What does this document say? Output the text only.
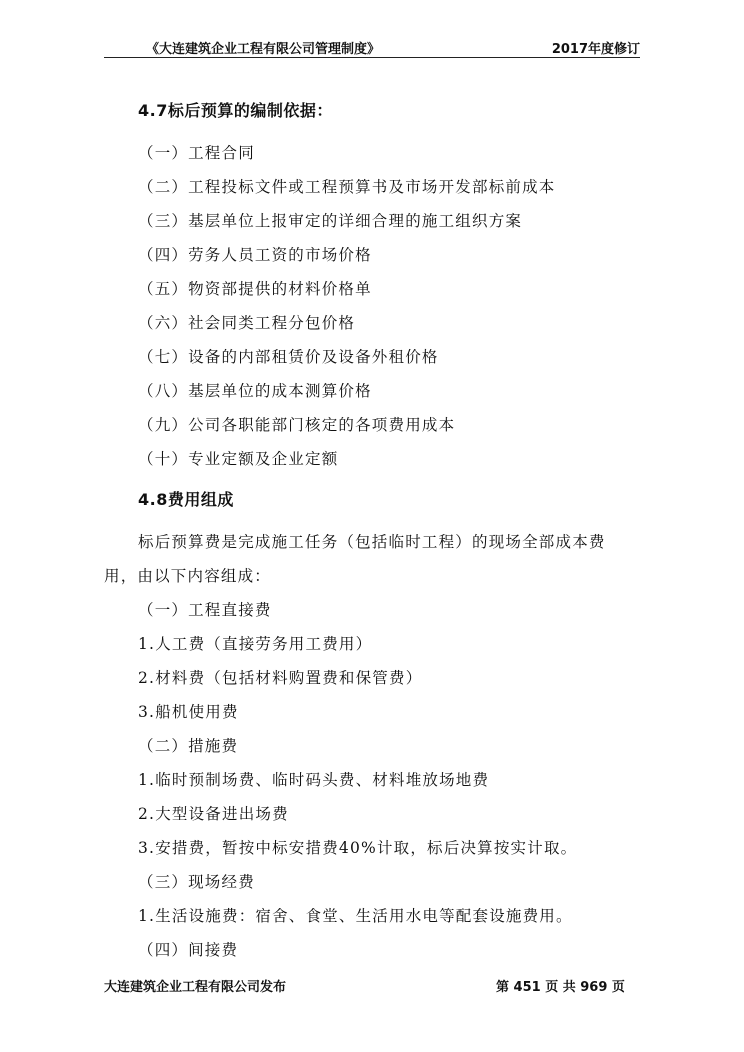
《大连建筑企业工程有限公司管理制度》	2017年度修订
4.7标后预算的编制依据：
（一）工程合同
（二）工程投标文件或工程预算书及市场开发部标前成本
（三）基层单位上报审定的详细合理的施工组织方案
（四）劳务人员工资的市场价格
（五）物资部提供的材料价格单
（六）社会同类工程分包价格
（七）设备的内部租赁价及设备外租价格
（八）基层单位的成本测算价格
（九）公司各职能部门核定的各项费用成本
（十）专业定额及企业定额
4.8费用组成
标后预算费是完成施工任务（包括临时工程）的现场全部成本费
用，由以下内容组成：
（一）工程直接费
1.人工费（直接劳务用工费用）
2.材料费（包括材料购置费和保管费）
3.船机使用费
（二）措施费
1.临时预制场费、临时码头费、材料堆放场地费
2.大型设备进出场费
3.安措费，暂按中标安措费40%计取，标后决算按实计取。
（三）现场经费
1.生活设施费：宿舍、食堂、生活用水电等配套设施费用。
（四）间接费
大连建筑企业工程有限公司发布	第 451 页 共 969 页
